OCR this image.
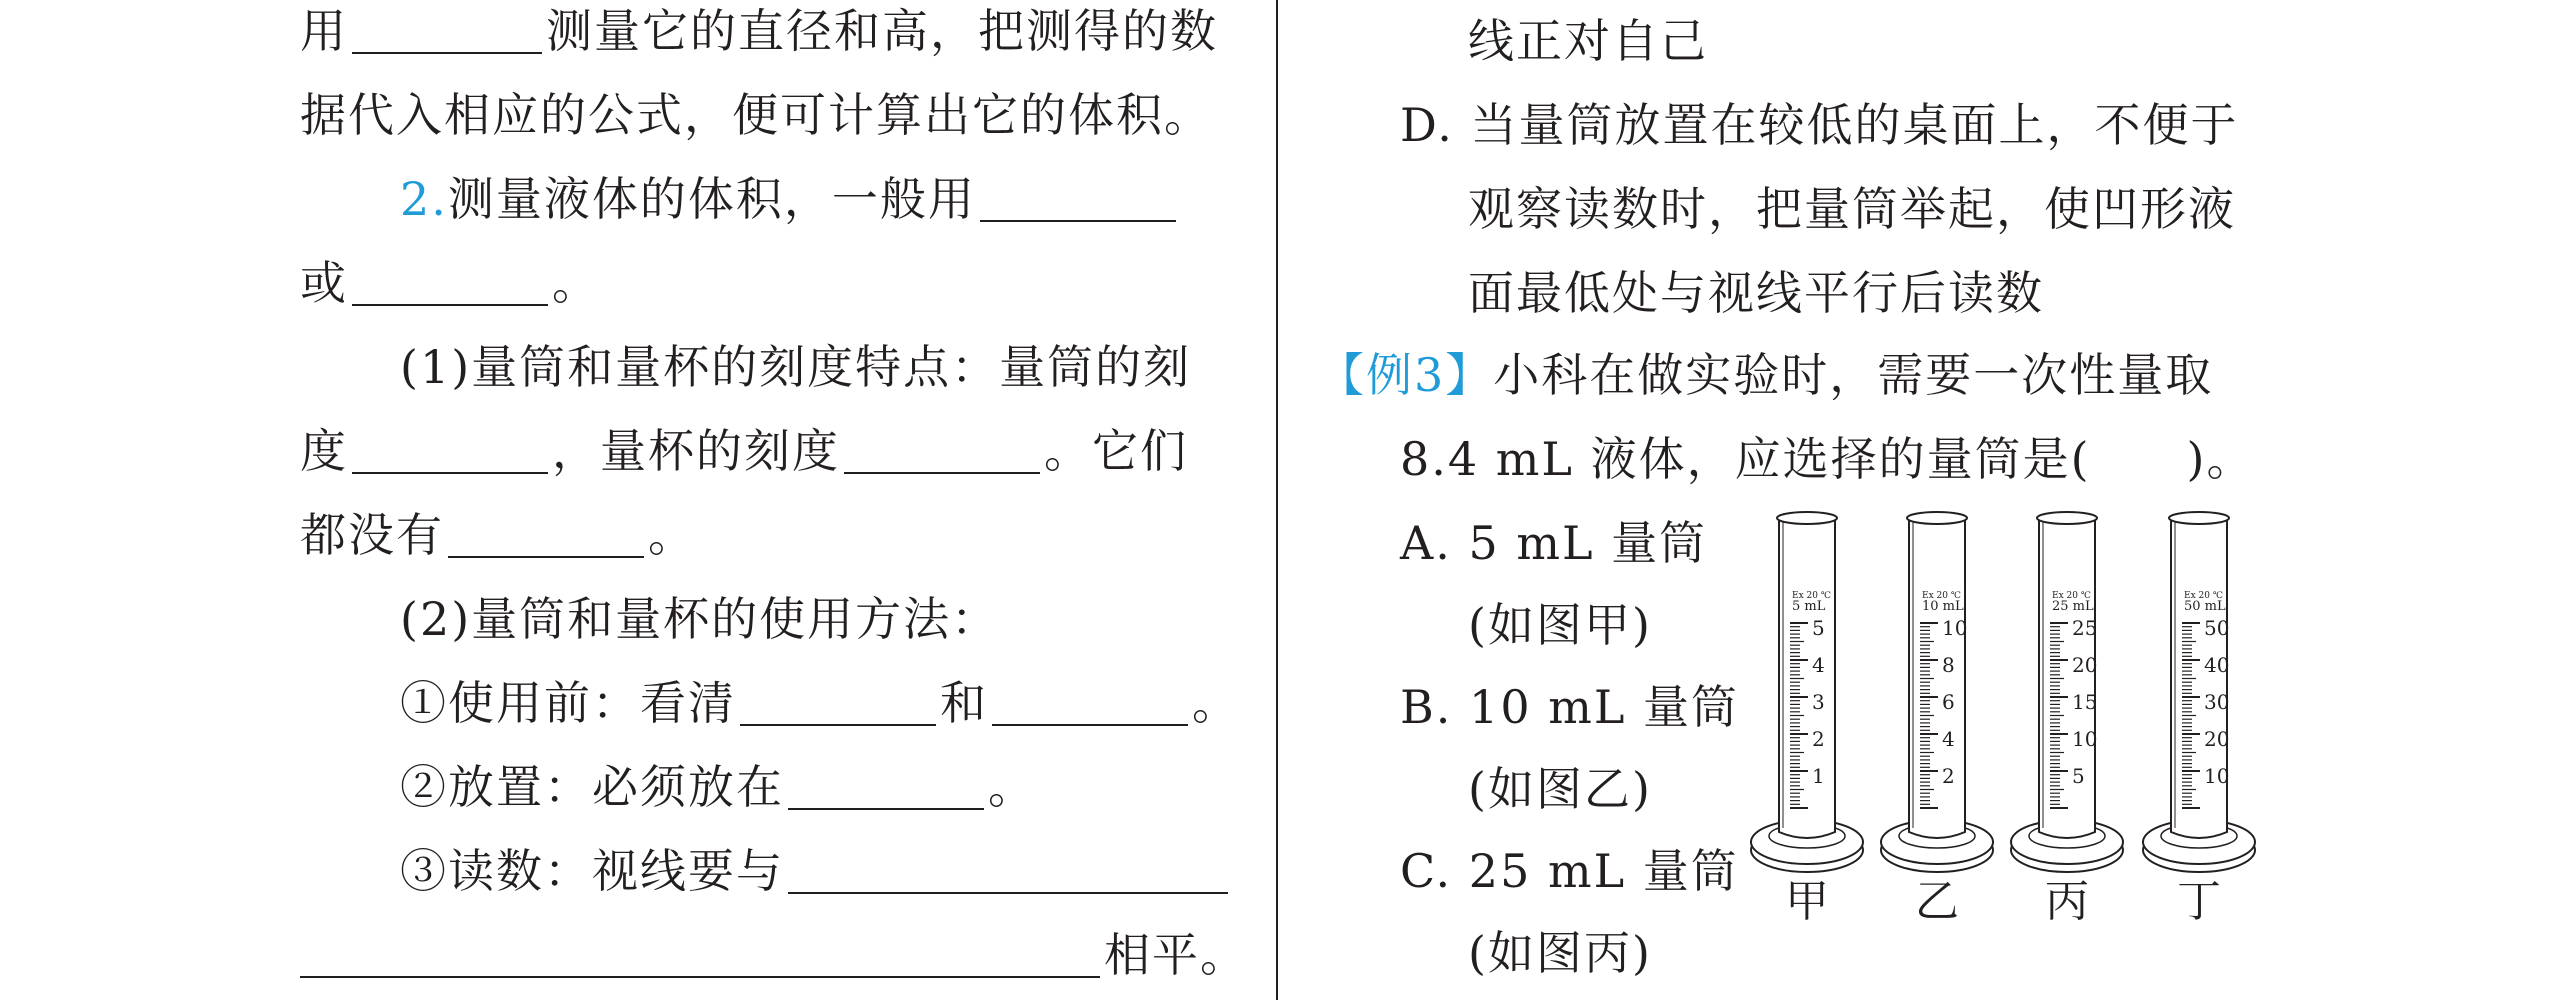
用	测量它的直径和高，把测得的数
据代入相应的公式，便可计算出它的体积。
2.测量液体的体积，一般用
或	。
(1)量筒和量杯的刻度特点：量筒的刻
度	，量杯的刻度	。它们
都没有	。
(2)量筒和量杯的使用方法：
①使用前：看清	和	。
②放置：必须放在	。
③读数：视线要与
相平。
线正对自己
D. 当量筒放置在较低的桌面上，不便于
观察读数时，把量筒举起，使凹形液
面最低处与视线平行后读数
【例3】小科在做实验时，需要一次性量取
8.4 mL 液体，应选择的量筒是(　　)。
A. 5 mL 量筒
(如图甲)
B. 10 mL 量筒
(如图乙)
C. 25 mL 量筒
(如图丙)
Ex 20 ℃
5 mL
5
4
3
2
1
甲
Ex 20 ℃
10 mL
10
8
6
4
2
乙
Ex 20 ℃
25 mL
25
20
15
10
5
丙
Ex 20 ℃
50 mL
50
40
30
20
10
丁
